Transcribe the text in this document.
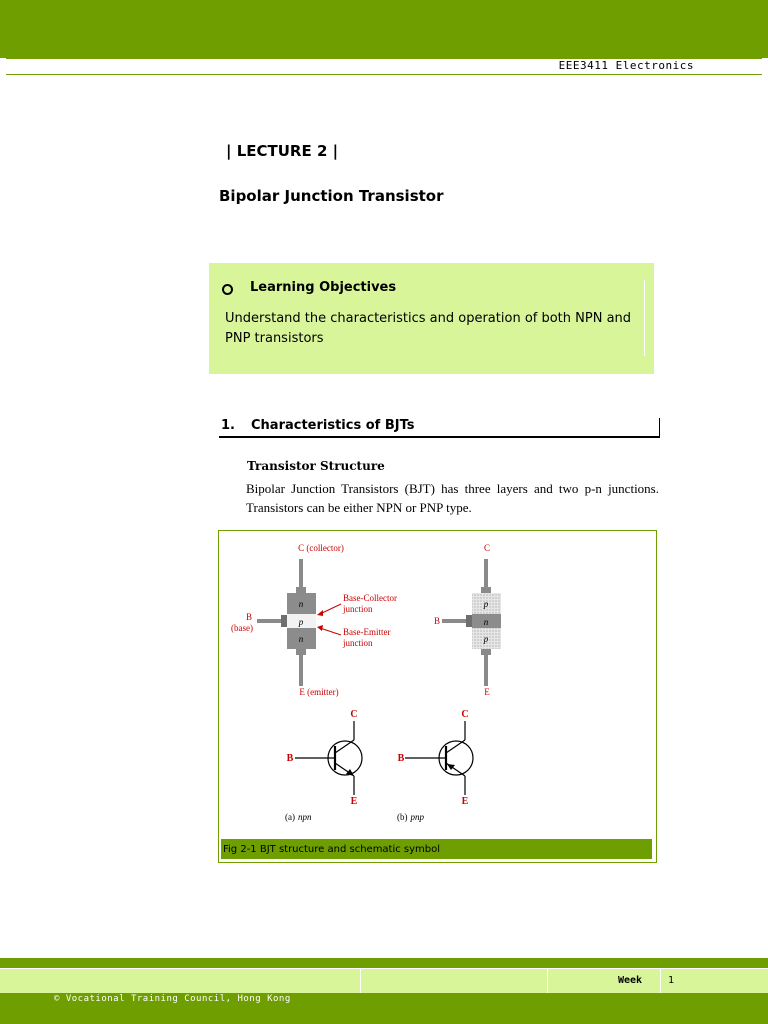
EEE3411 Electronics
| LECTURE 2 |
Bipolar Junction Transistor
Learning Objectives
Understand the characteristics and operation of both NPN and PNP transistors
1. Characteristics of BJTs
Transistor Structure
Bipolar Junction Transistors (BJT) has three layers and two p-n junctions. Transistors can be either NPN or PNP type.
n
p
n
C (collector)
B
(base)
E (emitter)
Base-Collector
junction
Base-Emitter
junction
p
n
p
C
B
E
C
B
E
(a) npn
C
B
E
(b) pnp
Fig 2-1 BJT structure and schematic symbol
Week	1
© Vocational Training Council, Hong Kong
